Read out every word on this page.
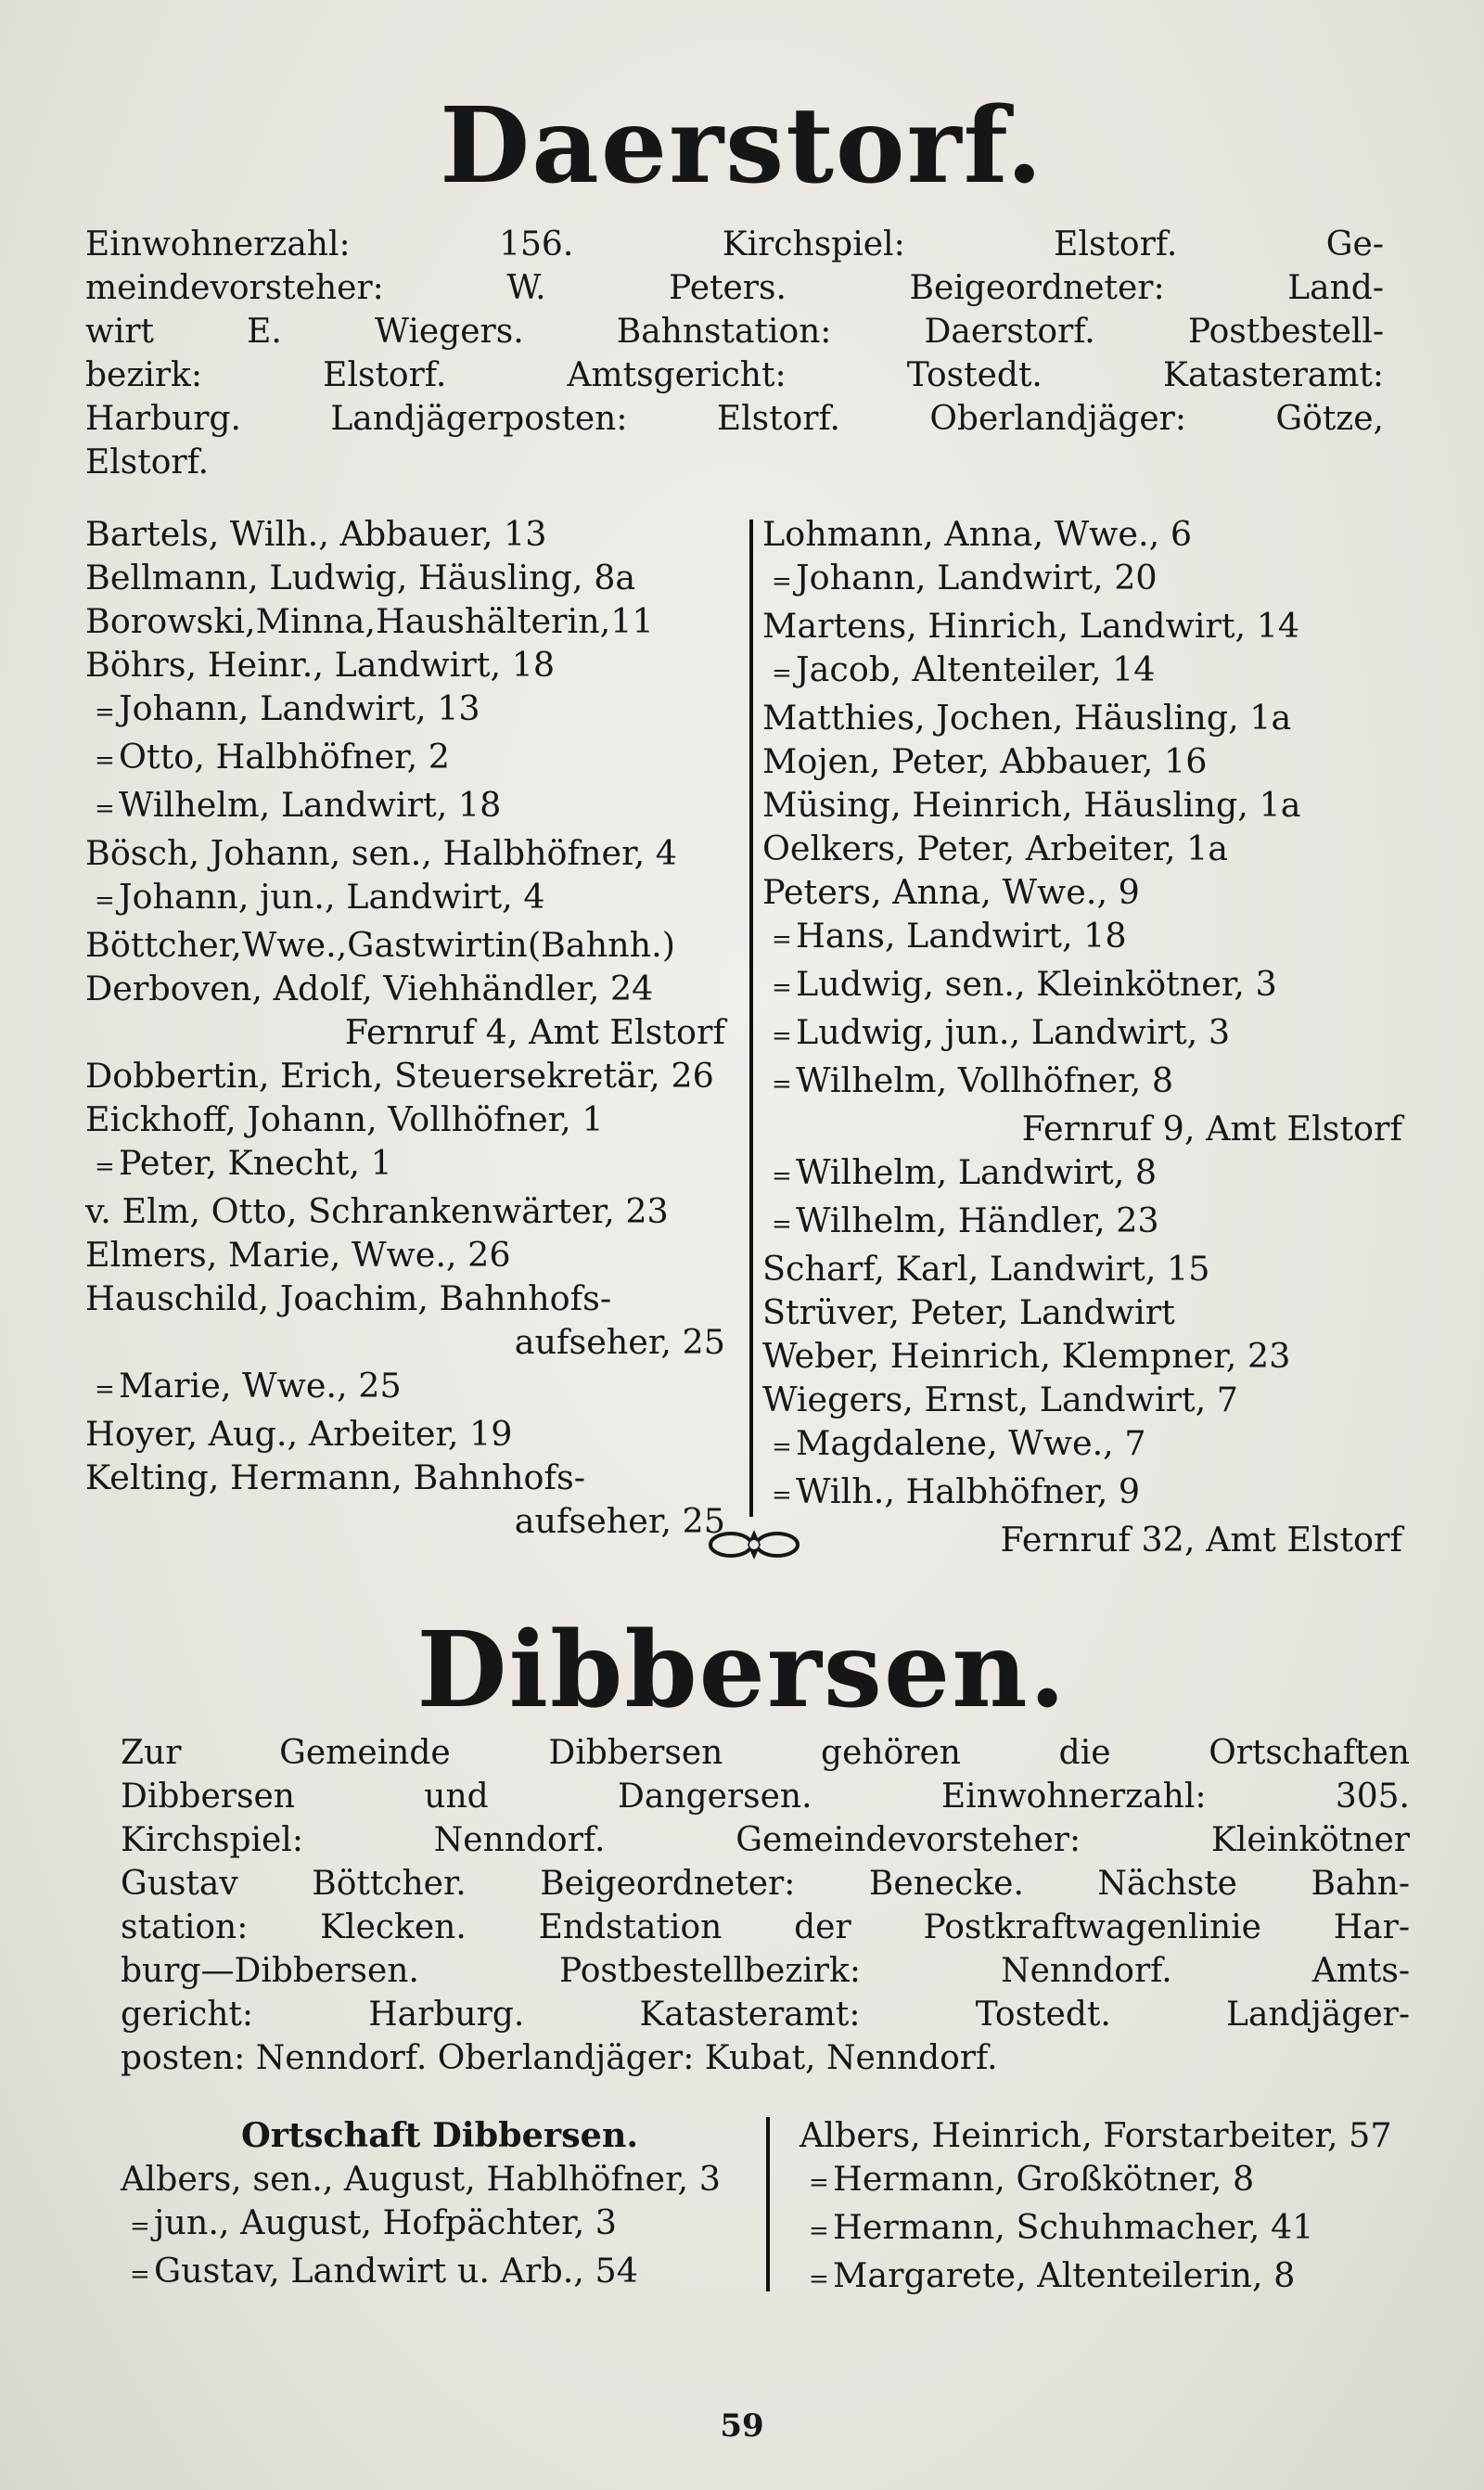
Daerstorf.
Einwohnerzahl: 156. Kirchspiel: Elstorf. Ge-
meindevorsteher: W. Peters. Beigeordneter: Land-
wirt E. Wiegers. Bahnstation: Daerstorf. Postbestell-
bezirk: Elstorf. Amtsgericht: Tostedt. Katasteramt:
Harburg. Landjägerposten: Elstorf. Oberlandjäger: Götze,
Elstorf.
Bartels, Wilh., Abbauer, 13
Bellmann, Ludwig, Häusling, 8a
Borowski,Minna,Haushälterin,11
Böhrs, Heinr., Landwirt, 18
= Johann, Landwirt, 13
= Otto, Halbhöfner, 2
= Wilhelm, Landwirt, 18
Bösch, Johann, sen., Halbhöfner, 4
= Johann, jun., Landwirt, 4
Böttcher,Wwe.,Gastwirtin(Bahnh.)
Derboven, Adolf, Viehhändler, 24
Fernruf 4, Amt Elstorf
Dobbertin, Erich, Steuersekretär, 26
Eickhoff, Johann, Vollhöfner, 1
= Peter, Knecht, 1
v. Elm, Otto, Schrankenwärter, 23
Elmers, Marie, Wwe., 26
Hauschild, Joachim, Bahnhofs-
aufseher, 25
= Marie, Wwe., 25
Hoyer, Aug., Arbeiter, 19
Kelting, Hermann, Bahnhofs-
aufseher, 25
Lohmann, Anna, Wwe., 6
= Johann, Landwirt, 20
Martens, Hinrich, Landwirt, 14
= Jacob, Altenteiler, 14
Matthies, Jochen, Häusling, 1a
Mojen, Peter, Abbauer, 16
Müsing, Heinrich, Häusling, 1a
Oelkers, Peter, Arbeiter, 1a
Peters, Anna, Wwe., 9
= Hans, Landwirt, 18
= Ludwig, sen., Kleinkötner, 3
= Ludwig, jun., Landwirt, 3
= Wilhelm, Vollhöfner, 8
Fernruf 9, Amt Elstorf
= Wilhelm, Landwirt, 8
= Wilhelm, Händler, 23
Scharf, Karl, Landwirt, 15
Strüver, Peter, Landwirt
Weber, Heinrich, Klempner, 23
Wiegers, Ernst, Landwirt, 7
= Magdalene, Wwe., 7
= Wilh., Halbhöfner, 9
Fernruf 32, Amt Elstorf
Dibbersen.
Zur Gemeinde Dibbersen gehören die Ortschaften
Dibbersen und Dangersen. Einwohnerzahl: 305.
Kirchspiel: Nenndorf. Gemeindevorsteher: Kleinkötner
Gustav Böttcher. Beigeordneter: Benecke. Nächste Bahn-
station: Klecken. Endstation der Postkraftwagenlinie Har-
burg—Dibbersen. Postbestellbezirk: Nenndorf. Amts-
gericht: Harburg. Katasteramt: Tostedt. Landjäger-
posten: Nenndorf. Oberlandjäger: Kubat, Nenndorf.
Ortschaft Dibbersen.
Albers, sen., August, Hablhöfner, 3
= jun., August, Hofpächter, 3
= Gustav, Landwirt u. Arb., 54
Albers, Heinrich, Forstarbeiter, 57
= Hermann, Großkötner, 8
= Hermann, Schuhmacher, 41
= Margarete, Altenteilerin, 8
59
